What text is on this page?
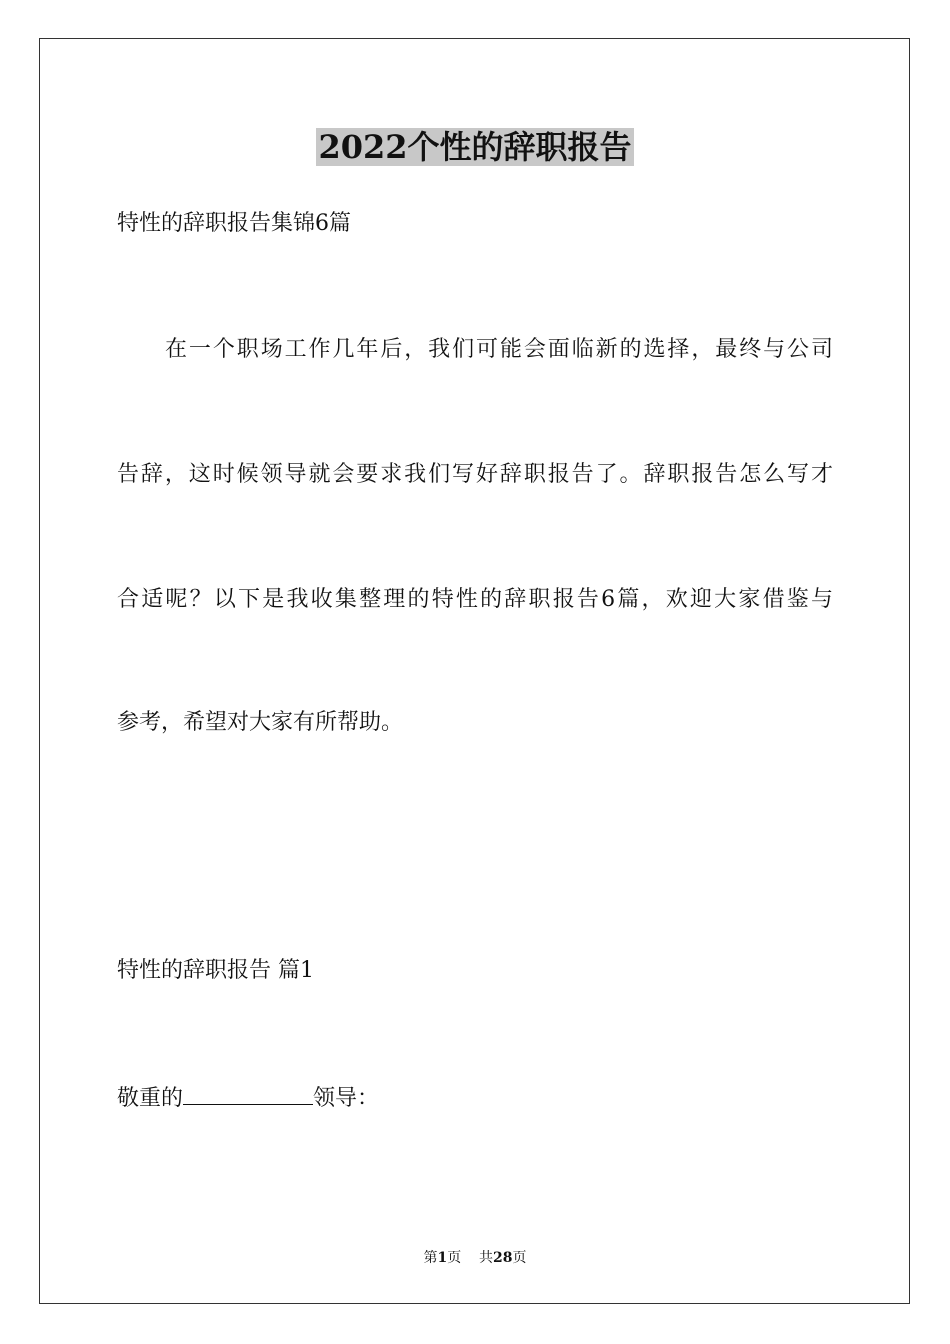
2022个性的辞职报告
特性的辞职报告集锦6篇
在一个职场工作几年后，我们可能会面临新的选择，最终与公司
告辞，这时候领导就会要求我们写好辞职报告了。辞职报告怎么写才
合适呢？以下是我收集整理的特性的辞职报告6篇，欢迎大家借鉴与
参考，希望对大家有所帮助。
特性的辞职报告 篇1
敬重的	领导：
第1页 共28页
